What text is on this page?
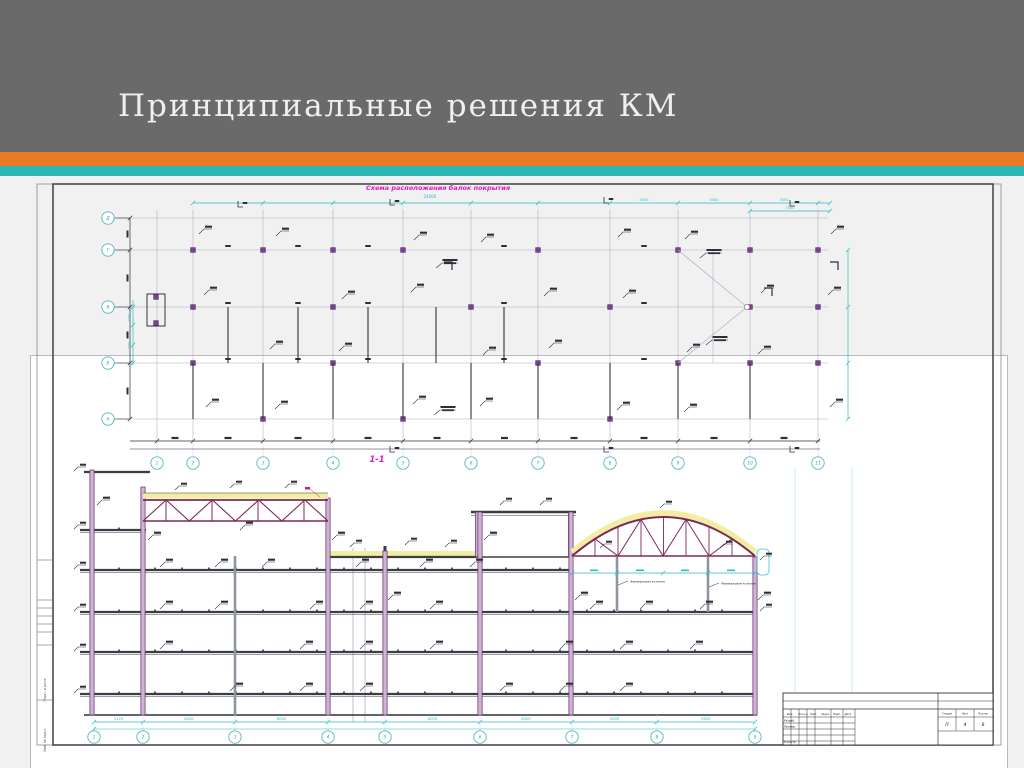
Принципиальные решения КМ
Подп. и дата
Инв. № подл.
Схема расположения балок покрытия
24000
3000	3000	3000
7500
Д
Г
В
Б
А
1500
1500
1	2	3	4	5	6	7	8	9	10	11
1-1
Фахверковая колонна	Фахверковая колонна
3125	6000	6000	8000	8000	9000	9000
1	2	3	4	5	6	7	8	9
Изм. Кол.уч. Лист	№док. Подп.	Дата
Разраб.
Провер.
Н.контр.
Стадия	Лист	Листов
П	4	8
